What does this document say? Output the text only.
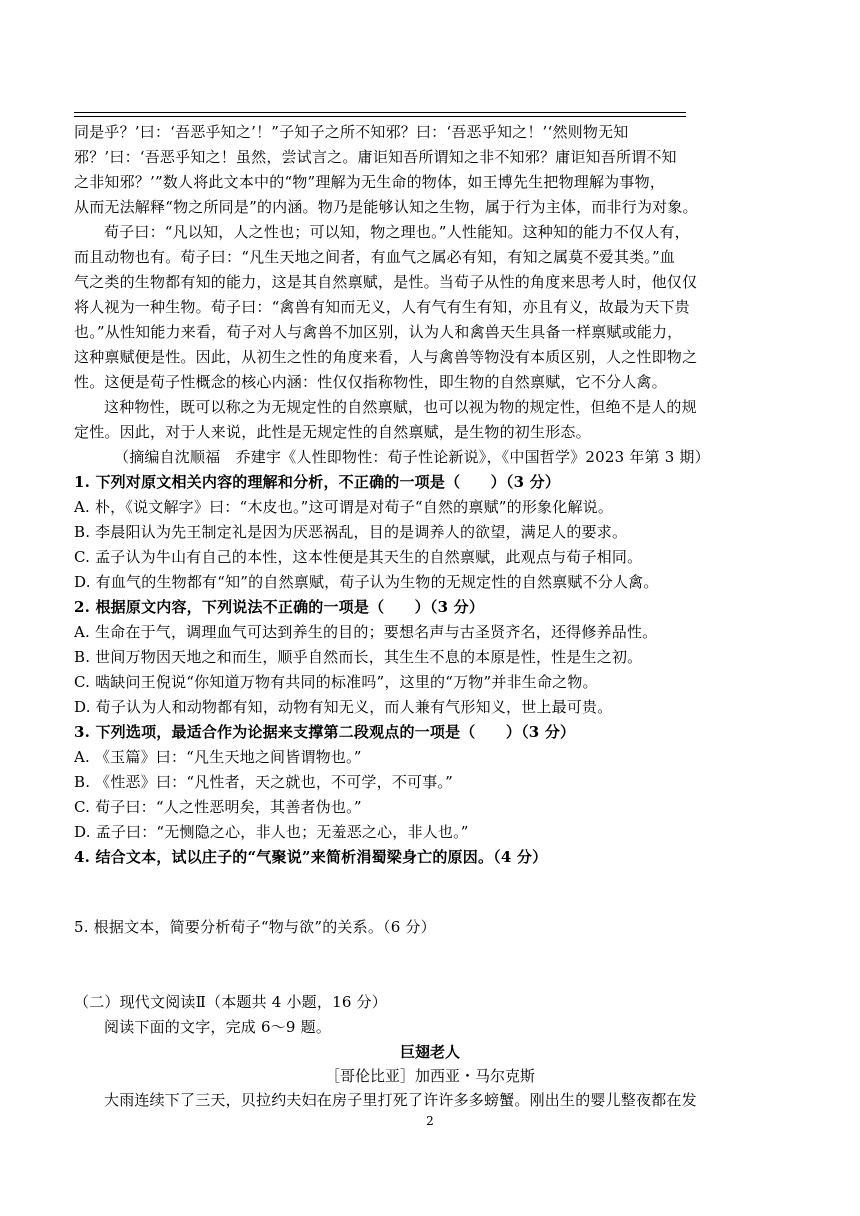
同是乎？’曰：‘吾恶乎知之’！”子知子之所不知邪？曰：‘吾恶乎知之！’‘然则物无知
邪？’曰：‘吾恶乎知之！虽然，尝试言之。庸讵知吾所谓知之非不知邪？庸讵知吾所谓不知
之非知邪？’”数人将此文本中的“物”理解为无生命的物体，如王博先生把物理解为事物，
从而无法解释“物之所同是”的内涵。物乃是能够认知之生物，属于行为主体，而非行为对象。
荀子曰：“凡以知，人之性也；可以知，物之理也。”人性能知。这种知的能力不仅人有，
而且动物也有。荀子曰：“凡生天地之间者，有血气之属必有知，有知之属莫不爱其类。”血
气之类的生物都有知的能力，这是其自然禀赋，是性。当荀子从性的角度来思考人时，他仅仅
将人视为一种生物。荀子曰：“禽兽有知而无义，人有气有生有知，亦且有义，故最为天下贵
也。”从性知能力来看，荀子对人与禽兽不加区别，认为人和禽兽天生具备一样禀赋或能力，
这种禀赋便是性。因此，从初生之性的角度来看，人与禽兽等物没有本质区别，人之性即物之
性。这便是荀子性概念的核心内涵：性仅仅指称物性，即生物的自然禀赋，它不分人禽。
这种物性，既可以称之为无规定性的自然禀赋，也可以视为物的规定性，但绝不是人的规
定性。因此，对于人来说，此性是无规定性的自然禀赋，是生物的初生形态。
（摘编自沈顺福　乔建宇《人性即物性：荀子性论新说》，《中国哲学》2023 年第 3 期）
1. 下列对原文相关内容的理解和分析，不正确的一项是（　　）（3 分）
A. 朴，《说文解字》曰：“木皮也。”这可谓是对荀子“自然的禀赋”的形象化解说。
B. 李晨阳认为先王制定礼是因为厌恶祸乱，目的是调养人的欲望，满足人的要求。
C. 孟子认为牛山有自己的本性，这本性便是其天生的自然禀赋，此观点与荀子相同。
D. 有血气的生物都有“知”的自然禀赋，荀子认为生物的无规定性的自然禀赋不分人禽。
2. 根据原文内容，下列说法不正确的一项是（　　）（3 分）
A. 生命在于气，调理血气可达到养生的目的；要想名声与古圣贤齐名，还得修养品性。
B. 世间万物因天地之和而生，顺乎自然而长，其生生不息的本原是性，性是生之初。
C. 啮缺问王倪说“你知道万物有共同的标准吗”，这里的“万物”并非生命之物。
D. 荀子认为人和动物都有知，动物有知无义，而人兼有气形知义，世上最可贵。
3. 下列选项，最适合作为论据来支撑第二段观点的一项是（　　）（3 分）
A. 《玉篇》曰：“凡生天地之间皆谓物也。”
B. 《性恶》曰：“凡性者，天之就也，不可学，不可事。”
C. 荀子曰：“人之性恶明矣，其善者伪也。”
D. 孟子曰：“无恻隐之心，非人也；无羞恶之心，非人也。”
4. 结合文本，试以庄子的“气聚说”来简析涓蜀梁身亡的原因。（4 分）
5. 根据文本，简要分析荀子“物与欲”的关系。（6 分）
（二）现代文阅读Ⅱ（本题共 4 小题，16 分）
阅读下面的文字，完成 6～9 题。
巨翅老人
［哥伦比亚］加西亚・马尔克斯
大雨连续下了三天，贝拉约夫妇在房子里打死了许许多多螃蟹。刚出生的婴儿整夜都在发
2
